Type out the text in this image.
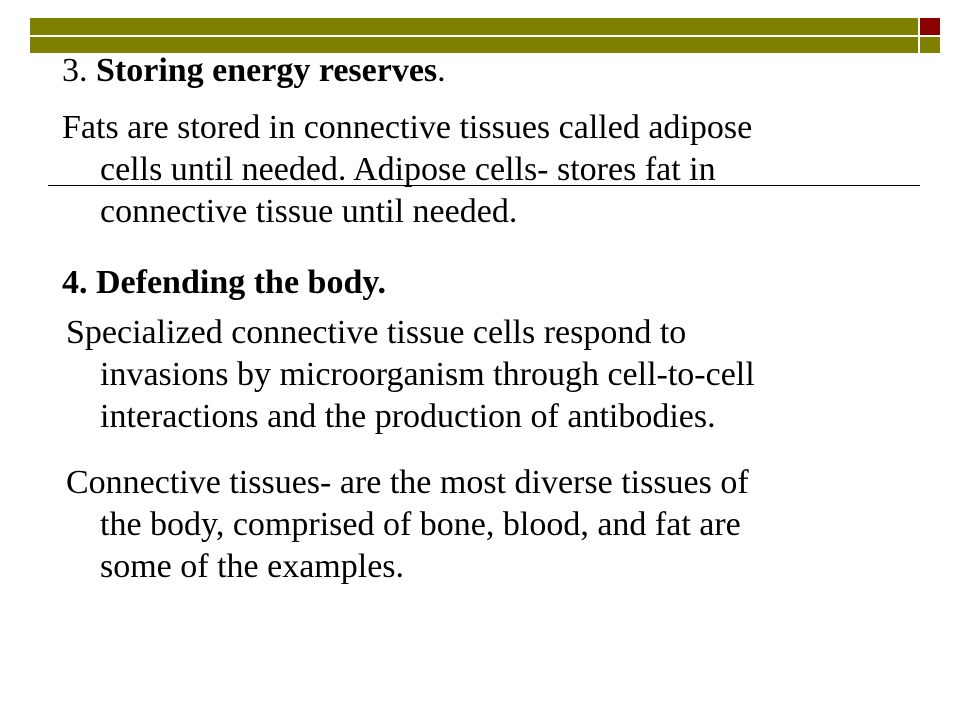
3. Storing energy reserves.

Fats are stored in connective tissues called adipose
cells until needed. Adipose cells- stores fat in
connective tissue until needed.

4. Defending the body.

Specialized connective tissue cells respond to
invasions by microorganism through cell-to-cell
interactions and the production of antibodies.

Connective tissues- are the most diverse tissues of
the body, comprised of bone, blood, and fat are
some of the examples.
